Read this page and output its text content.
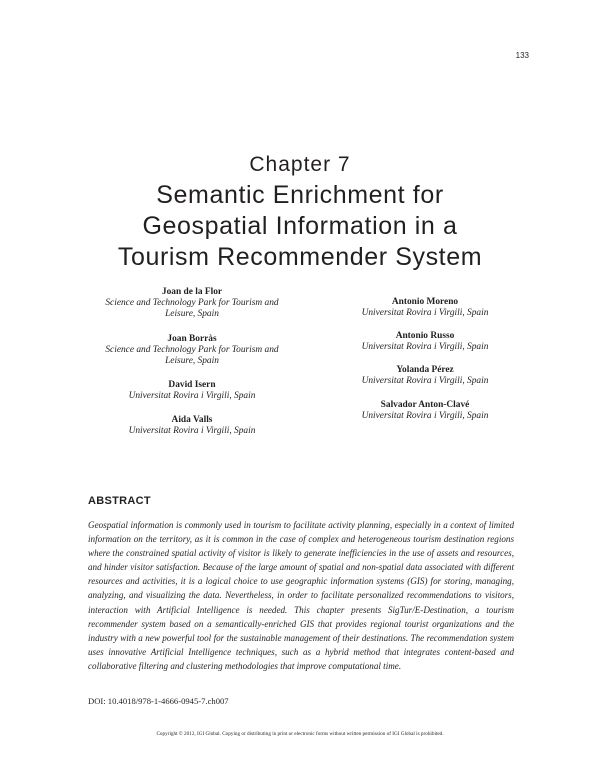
133
Chapter 7
Semantic Enrichment for
Geospatial Information in a
Tourism Recommender System
Joan de la Flor
Science and Technology Park for Tourism and
Leisure, Spain
Joan Borràs
Science and Technology Park for Tourism and
Leisure, Spain
David Isern
Universitat Rovira i Virgili, Spain
Aida Valls
Universitat Rovira i Virgili, Spain
Antonio Moreno
Universitat Rovira i Virgili, Spain
Antonio Russo
Universitat Rovira i Virgili, Spain
Yolanda Pérez
Universitat Rovira i Virgili, Spain
Salvador Anton-Clavé
Universitat Rovira i Virgili, Spain
ABSTRACT
Geospatial information is commonly used in tourism to facilitate activity planning, especially in a context of limited information on the territory, as it is common in the case of complex and heterogeneous tourism destination regions where the constrained spatial activity of visitor is likely to generate inefficiencies in the use of assets and resources, and hinder visitor satisfaction. Because of the large amount of spatial and non-spatial data associated with different resources and activities, it is a logical choice to use geographic information systems (GIS) for storing, managing, analyzing, and visualizing the data. Nevertheless, in order to facilitate personalized recommendations to visitors, interaction with Artificial Intelligence is needed. This chapter presents SigTur/E-Destination, a tourism recommender system based on a semantically-enriched GIS that provides regional tourist organizations and the industry with a new powerful tool for the sustainable management of their destinations. The recommendation system uses innovative Artificial Intelligence techniques, such as a hybrid method that integrates content-based and collaborative filtering and clustering methodologies that improve computational time.
DOI: 10.4018/978-1-4666-0945-7.ch007
Copyright © 2012, IGI Global. Copying or distributing in print or electronic forms without written permission of IGI Global is prohibited.
